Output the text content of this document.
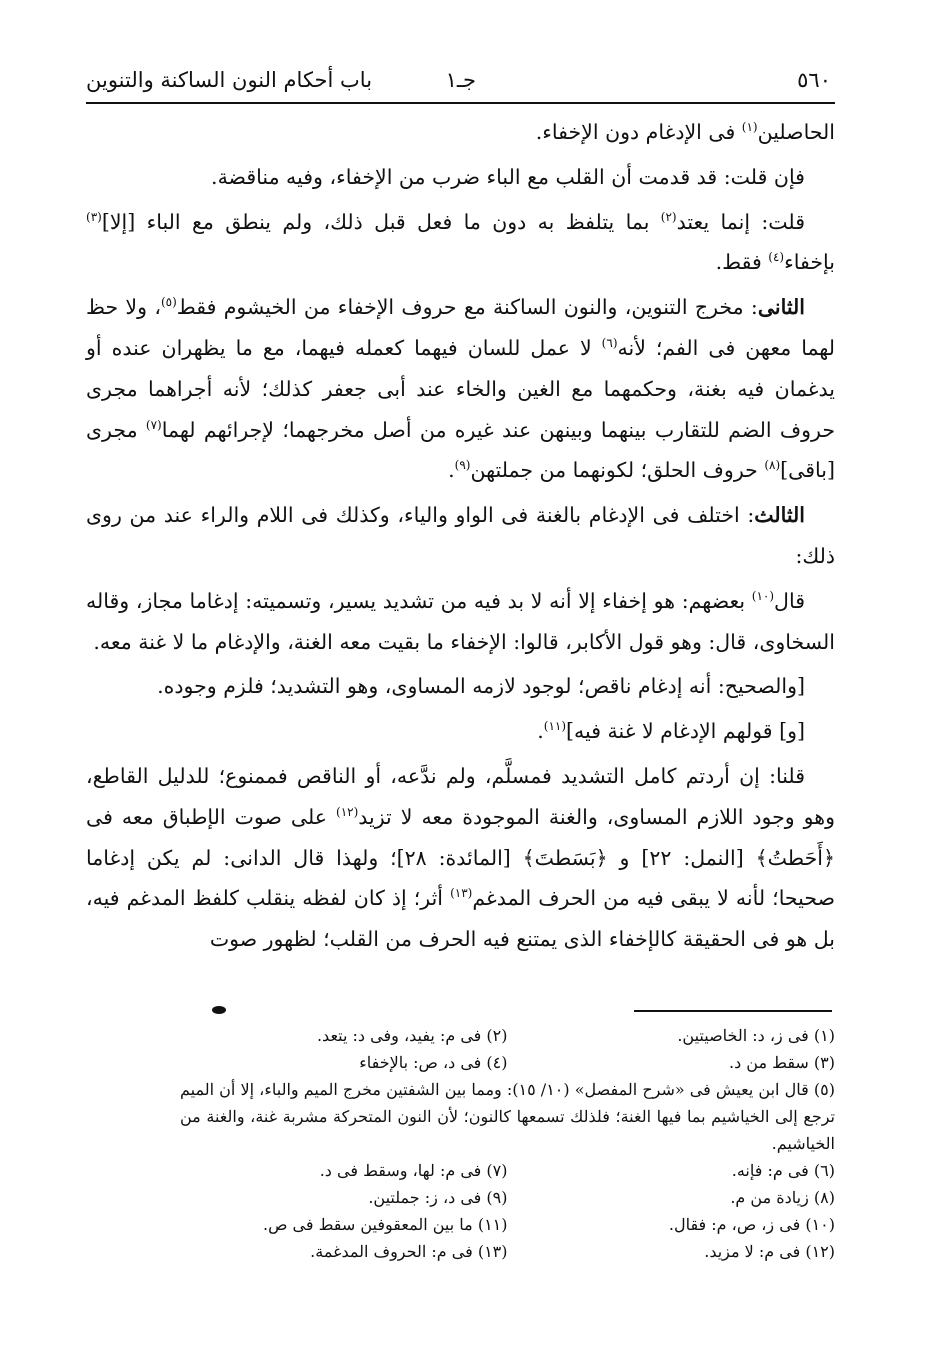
٥٦٠
جـ١
باب أحكام النون الساكنة والتنوين

الحاصلين$^{(١)}$ فى الإدغام دون الإخفاء.

فإن قلت: قد قدمت أن القلب مع الباء ضرب من الإخفاء، وفيه مناقضة.

قلت: إنما يعتد$^{(٢)}$ بما يتلفظ به دون ما فعل قبل ذلك، ولم ينطق مع الباء [إلا]$^{(٣)}$ بإخفاء$^{(٤)}$ فقط.

الثانى: مخرج التنوين، والنون الساكنة مع حروف الإخفاء من الخيشوم فقط$^{(٥)}$، ولا حظ لهما معهن فى الفم؛ لأنه$^{(٦)}$ لا عمل للسان فيهما كعمله فيهما، مع ما يظهران عنده أو يدغمان فيه بغنة، وحكمهما مع الغين والخاء عند أبى جعفر كذلك؛ لأنه أجراهما مجرى حروف الضم للتقارب بينهما وبينهن عند غيره من أصل مخرجهما؛ لإجرائهم لهما$^{(٧)}$ مجرى [باقى]$^{(٨)}$ حروف الحلق؛ لكونهما من جملتهن$^{(٩)}$.

الثالث: اختلف فى الإدغام بالغنة فى الواو والياء، وكذلك فى اللام والراء عند من روى ذلك:

قال$^{(١٠)}$ بعضهم: هو إخفاء إلا أنه لا بد فيه من تشديد يسير، وتسميته: إدغاما مجاز، وقاله السخاوى، قال: وهو قول الأكابر، قالوا: الإخفاء ما بقيت معه الغنة، والإدغام ما لا غنة معه.

[والصحيح: أنه إدغام ناقص؛ لوجود لازمه المساوى، وهو التشديد؛ فلزم وجوده.

[و] قولهم الإدغام لا غنة فيه]$^{(١١)}$.

قلنا: إن أردتم كامل التشديد فمسلَّم، ولم ندَّعه، أو الناقص فممنوع؛ للدليل القاطع، وهو وجود اللازم المساوى، والغنة الموجودة معه لا تزيد$^{(١٢)}$ على صوت الإطباق معه فى ﴿أَحَطتُ﴾ [النمل: ٢٢] و ﴿بَسَطتَ﴾ [المائدة: ٢٨]؛ ولهذا قال الدانى: لم يكن إدغاما صحيحا؛ لأنه لا يبقى فيه من الحرف المدغم$^{(١٣)}$ أثر؛ إذ كان لفظه ينقلب كلفظ المدغم فيه، بل هو فى الحقيقة كالإخفاء الذى يمتنع فيه الحرف من القلب؛ لظهور صوت

(١) فى ز، د: الخاصيتين.
(٢) فى م: يفيد، وفى د: يتعد.
(٣) سقط من د.
(٤) فى د، ص: بالإخفاء
(٥) قال ابن يعيش فى «شرح المفصل» (١٠/ ١٥): ومما بين الشفتين مخرج الميم والباء، إلا أن الميم ترجع إلى الخياشيم بما فيها الغنة؛ فلذلك تسمعها كالنون؛ لأن النون المتحركة مشربة غنة، والغنة من الخياشيم.
(٦) فى م: فإنه.
(٧) فى م: لها، وسقط فى د.
(٨) زيادة من م.
(٩) فى د، ز: جملتين.
(١٠) فى ز، ص، م: فقال.
(١١) ما بين المعقوفين سقط فى ص.
(١٢) فى م: لا مزيد.
(١٣) فى م: الحروف المدغمة.
